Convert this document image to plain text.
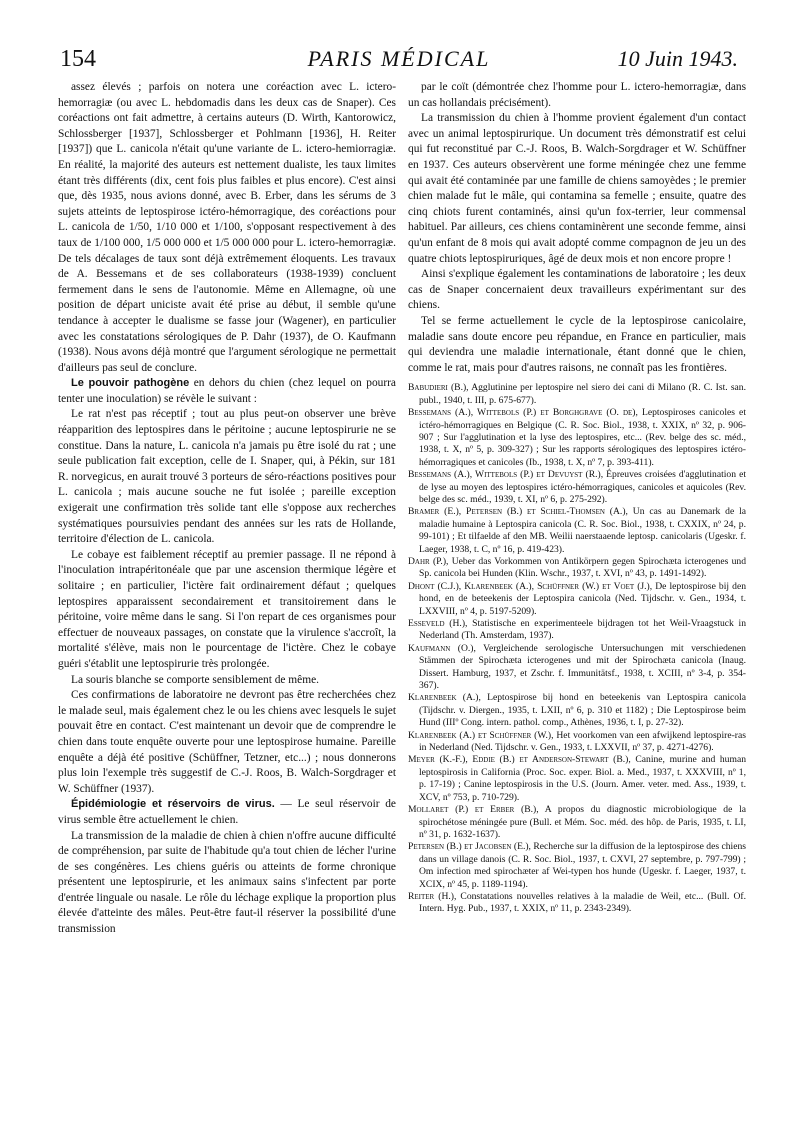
154	PARIS MÉDICAL	10 Juin 1943.

assez élevés ; parfois on notera une coréaction avec L. ictero-hemorragiæ (ou avec L. hebdomadis dans les deux cas de Snaper). Ces coréactions ont fait admettre, à certains auteurs (D. Wirth, Kantorowicz, Schlossberger [1937], Schlossberger et Pohlmann [1936], H. Reiter [1937]) que L. canicola n'était qu'une variante de L. ictero-hemiorragiæ. En réalité, la majorité des auteurs est nettement dualiste, les taux limites étant très différents (dix, cent fois plus faibles et plus encore). C'est ainsi que, dès 1935, nous avions donné, avec B. Erber, dans les sérums de 3 sujets atteints de leptospirose ictéro-hémorragique, des coréactions pour L. canicola de 1/50, 1/10 000 et 1/100, s'opposant respectivement à des taux de 1/100 000, 1/5 000 000 et 1/5 000 000 pour L. ictero-hemorragiæ. De tels décalages de taux sont déjà extrêmement éloquents. Les travaux de A. Bessemans et de ses collaborateurs (1938-1939) concluent fermement dans le sens de l'autonomie. Même en Allemagne, où une position de départ uniciste avait été prise au début, il semble qu'une tendance à accepter le dualisme se fasse jour (Wagener), en particulier avec les constatations sérologiques de P. Dahr (1937), de O. Kaufmann (1938). Nous avons déjà montré que l'argument sérologique ne permettait d'ailleurs pas seul de conclure.

Le pouvoir pathogène en dehors du chien (chez lequel on pourra tenter une inoculation) se révèle le suivant :

Le rat n'est pas réceptif ; tout au plus peut-on observer une brève réapparition des leptospires dans le péritoine ; aucune leptospirurie ne se constitue. Dans la nature, L. canicola n'a jamais pu être isolé du rat ; une seule publication fait exception, celle de I. Snaper, qui, à Pékin, sur 181 R. norvegicus, en aurait trouvé 3 porteurs de séro-réactions positives pour L. canicola ; mais aucune souche ne fut isolée ; pareille exception exigerait une confirmation très solide tant elle s'oppose aux recherches systématiques poursuivies pendant des années sur les rats de Hollande, territoire d'élection de L. canicola.

Le cobaye est faiblement réceptif au premier passage. Il ne répond à l'inoculation intrapéritonéale que par une ascension thermique légère et solitaire ; en particulier, l'ictère fait ordinairement défaut ; quelques leptospires apparaissent secondairement et transitoirement dans le péritoine, voire même dans le sang. Si l'on repart de ces organismes pour effectuer de nouveaux passages, on constate que la virulence s'accroît, la mortalité s'élève, mais non le pourcentage de l'ictère. Chez le cobaye guéri s'établit une leptospirurie très prolongée.

La souris blanche se comporte sensiblement de même.

Ces confirmations de laboratoire ne devront pas être recherchées chez le malade seul, mais également chez le ou les chiens avec lesquels le sujet pouvait être en contact. C'est maintenant un devoir que de comprendre le chien dans toute enquête ouverte pour une leptospirose humaine. Pareille enquête a déjà été positive (Schüffner, Tetzner, etc...) ; nous donnerons plus loin l'exemple très suggestif de C.-J. Roos, B. Walch-Sorgdrager et W. Schüffner (1937).

Épidémiologie et réservoirs de virus. — Le seul réservoir de virus semble être actuellement le chien.

La transmission de la maladie de chien à chien n'offre aucune difficulté de compréhension, par suite de l'habitude qu'a tout chien de lécher l'urine de ses congénères. Les chiens guéris ou atteints de forme chronique présentent une leptospirurie, et les animaux sains s'infectent par porte d'entrée linguale ou nasale. Le rôle du léchage explique la proportion plus élevée d'atteinte des mâles. Peut-être faut-il réserver la possibilité d'une transmission

par le coït (démontrée chez l'homme pour L. ictero-hemorragiæ, dans un cas hollandais précisément).

La transmission du chien à l'homme provient également d'un contact avec un animal leptospirurique. Un document très démonstratif est celui qui fut reconstitué par C.-J. Roos, B. Walch-Sorgdrager et W. Schüffner en 1937. Ces auteurs observèrent une forme méningée chez une femme qui avait été contaminée par une famille de chiens samoyèdes ; le premier chien malade fut le mâle, qui contamina sa femelle ; ensuite, quatre des cinq chiots furent contaminés, ainsi qu'un fox-terrier, leur commensal habituel. Par ailleurs, ces chiens contaminèrent une seconde femme, ainsi qu'un enfant de 8 mois qui avait adopté comme compagnon de jeu un des quatre chiots leptospiruriques, âgé de deux mois et non encore propre !

Ainsi s'explique également les contaminations de laboratoire ; les deux cas de Snaper concernaient deux travailleurs expérimentant sur des chiens.

Tel se ferme actuellement le cycle de la leptospirose canicolaire, maladie sans doute encore peu répandue, en France en particulier, mais qui deviendra une maladie internationale, étant donné que le chien, comme le rat, mais pour d'autres raisons, ne connaît pas les frontières.

Babudieri (B.), Agglutinine per leptospire nel siero dei cani di Milano (R. C. Ist. san. publ., 1940, t. III, p. 675-677).
Bessemans (A.), Wittebols (P.) et Borghgrave (O. de), Leptospiroses canicoles et ictéro-hémorragiques en Belgique (C. R. Soc. Biol., 1938, t. XXIX, nº 32, p. 906-907 ; Sur l'agglutination et la lyse des leptospires, etc... (Rev. belge des sc. méd., 1938, t. X, nº 5, p. 309-327) ; Sur les rapports sérologiques des leptospires ictéro-hémorragiques et canicoles (Ib., 1938, t. X, nº 7, p. 393-411).
Bessemans (A.), Wittebols (P.) et Devuyst (R.), Épreuves croisées d'agglutination et de lyse au moyen des leptospires ictéro-hémorragiques, canicoles et aquicoles (Rev. belge des sc. méd., 1939, t. XI, nº 6, p. 275-292).
Bramer (E.), Petersen (B.) et Schiel-Thomsen (A.), Un cas au Danemark de la maladie humaine à Leptospira canicola (C. R. Soc. Biol., 1938, t. CXXIX, nº 24, p. 99-101) ; Et tilfaelde af den MB. Weilii naerstaaende leptosp. canicolaris (Ugeskr. f. Laeger, 1938, t. C, nº 16, p. 419-423).
Dahr (P.), Ueber das Vorkommen von Antikörpern gegen Spirochæta icterogenes und Sp. canicola bei Hunden (Klin. Wschr., 1937, t. XVI, nº 43, p. 1491-1492).
Dhont (C.J.), Klarenbeek (A.), Schüffner (W.) et Voet (J.), De leptospirose bij den hond, en de beteekenis der Leptospira canicola (Ned. Tijdschr. v. Gen., 1934, t. LXXVIII, nº 4, p. 5197-5209).
Esseveld (H.), Statistische en experimenteele bijdragen tot het Weil-Vraagstuck in Nederland (Th. Amsterdam, 1937).
Kaufmann (O.), Vergleichende serologische Untersuchungen mit verschiedenen Stämmen der Spirochæta icterogenes und mit der Spirochæta canicola (Inaug. Dissert. Hamburg, 1937, et Zschr. f. Immunitätsf., 1938, t. XCIII, nº 3-4, p. 354-367).
Klarenbeek (A.), Leptospirose bij hond en beteekenis van Leptospira canicola (Tijdschr. v. Diergen., 1935, t. LXII, nº 6, p. 310 et 1182) ; Die Leptospirose beim Hund (IIIº Cong. intern. pathol. comp., Athènes, 1936, t. I, p. 27-32).
Klarenbeek (A.) et Schüffner (W.), Het voorkomen van een afwijkend leptospire-ras in Nederland (Ned. Tijdschr. v. Gen., 1933, t. LXXVII, nº 37, p. 4271-4276).
Meyer (K.-F.), Eddie (B.) et Anderson-Stewart (B.), Canine, murine and human leptospirosis in California (Proc. Soc. exper. Biol. a. Med., 1937, t. XXXVIII, nº 1, p. 17-19) ; Canine leptospirosis in the U.S. (Journ. Amer. veter. med. Ass., 1939, t. XCV, nº 753, p. 710-729).
Mollaret (P.) et Erber (B.), A propos du diagnostic microbiologique de la spirochétose méningée pure (Bull. et Mém. Soc. méd. des hôp. de Paris, 1935, t. LI, nº 31, p. 1632-1637).
Petersen (B.) et Jacobsen (E.), Recherche sur la diffusion de la leptospirose des chiens dans un village danois (C. R. Soc. Biol., 1937, t. CXVI, 27 septembre, p. 797-799) ; Om infection med spirochæter af Wei-typen hos hunde (Ugeskr. f. Laeger, 1937, t. XCIX, nº 45, p. 1189-1194).
Reiter (H.), Constatations nouvelles relatives à la maladie de Weil, etc... (Bull. Of. Intern. Hyg. Pub., 1937, t. XXIX, nº 11, p. 2343-2349).
